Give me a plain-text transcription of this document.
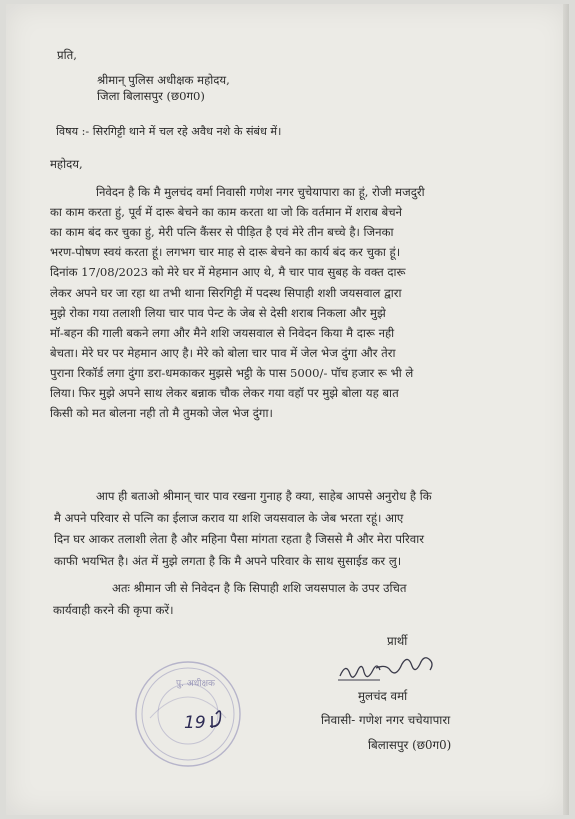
प्रति,
श्रीमान् पुलिस अधीक्षक महोदय,
जिला बिलासपुर (छ0ग0)
विषय :- सिरगिट्टी थाने में चल रहे अवैध नशे के संबंध में।
महोदय,
निवेदन है कि मै मुलचंद वर्मा निवासी गणेश नगर चुचेयापारा का हूं, रोजी मजदुरी
का काम करता हुं, पूर्व में दारू बेचने का काम करता था जो कि वर्तमान में शराब बेचने
का काम बंद कर चुका हुं, मेरी पत्नि कैंसर से पीड़ित है एवं मेरे तीन बच्चे है। जिनका
भरण-पोषण स्वयं करता हूं। लगभग चार माह से दारू बेचने का कार्य बंद कर चुका हूं।
दिनांक 17/08/2023 को मेरे घर में मेहमान आए थे, मै चार पाव सुबह के वक्त दारू
लेकर अपने घर जा रहा था तभी थाना सिरगिट्टी में पदस्थ सिपाही शशी जयसवाल द्वारा
मुझे रोका गया तलाशी लिया चार पाव पेन्ट के जेब से देसी शराब निकला और मुझे
मॉ-बहन की गाली बकने लगा और मैने शशि जयसवाल से निवेदन किया मै दारू नही
बेचता। मेरे घर पर मेहमान आए है। मेरे को बोला चार पाव में जेल भेज दुंगा और तेरा
पुराना रिकॉर्ड लगा दुंगा डरा-धमकाकर मुझसे भट्ठी के पास 5000/- पॉच हजार रू भी ले
लिया। फिर मुझे अपने साथ लेकर बन्नाक चौक लेकर गया वहॉ पर मुझे बोला यह बात
किसी को मत बोलना नही तो मै तुमको जेल भेज दुंगा।
आप ही बताओ श्रीमान् चार पाव रखना गुनाह है क्या, साहेब आपसे अनुरोध है कि
मै अपने परिवार से पत्नि का ईलाज कराव या शशि जयसवाल के जेब भरता रहूं। आए
दिन घर आकर तलाशी लेता है और महिना पैसा मांगता रहता है जिससे मै और मेरा परिवार
काफी भयभित है। अंत में मुझे लगता है कि मै अपने परिवार के साथ सुसाईड कर लु।
अतः श्रीमान जी से निवेदन है कि सिपाही शशि जयसपाल के उपर उचित
कार्यवाही करने की कृपा करें।
पु. अधीक्षक
19
प्रार्थी
मुलचंद वर्मा
निवासी- गणेश नगर चचेयापारा
बिलासपुर (छ0ग0)
